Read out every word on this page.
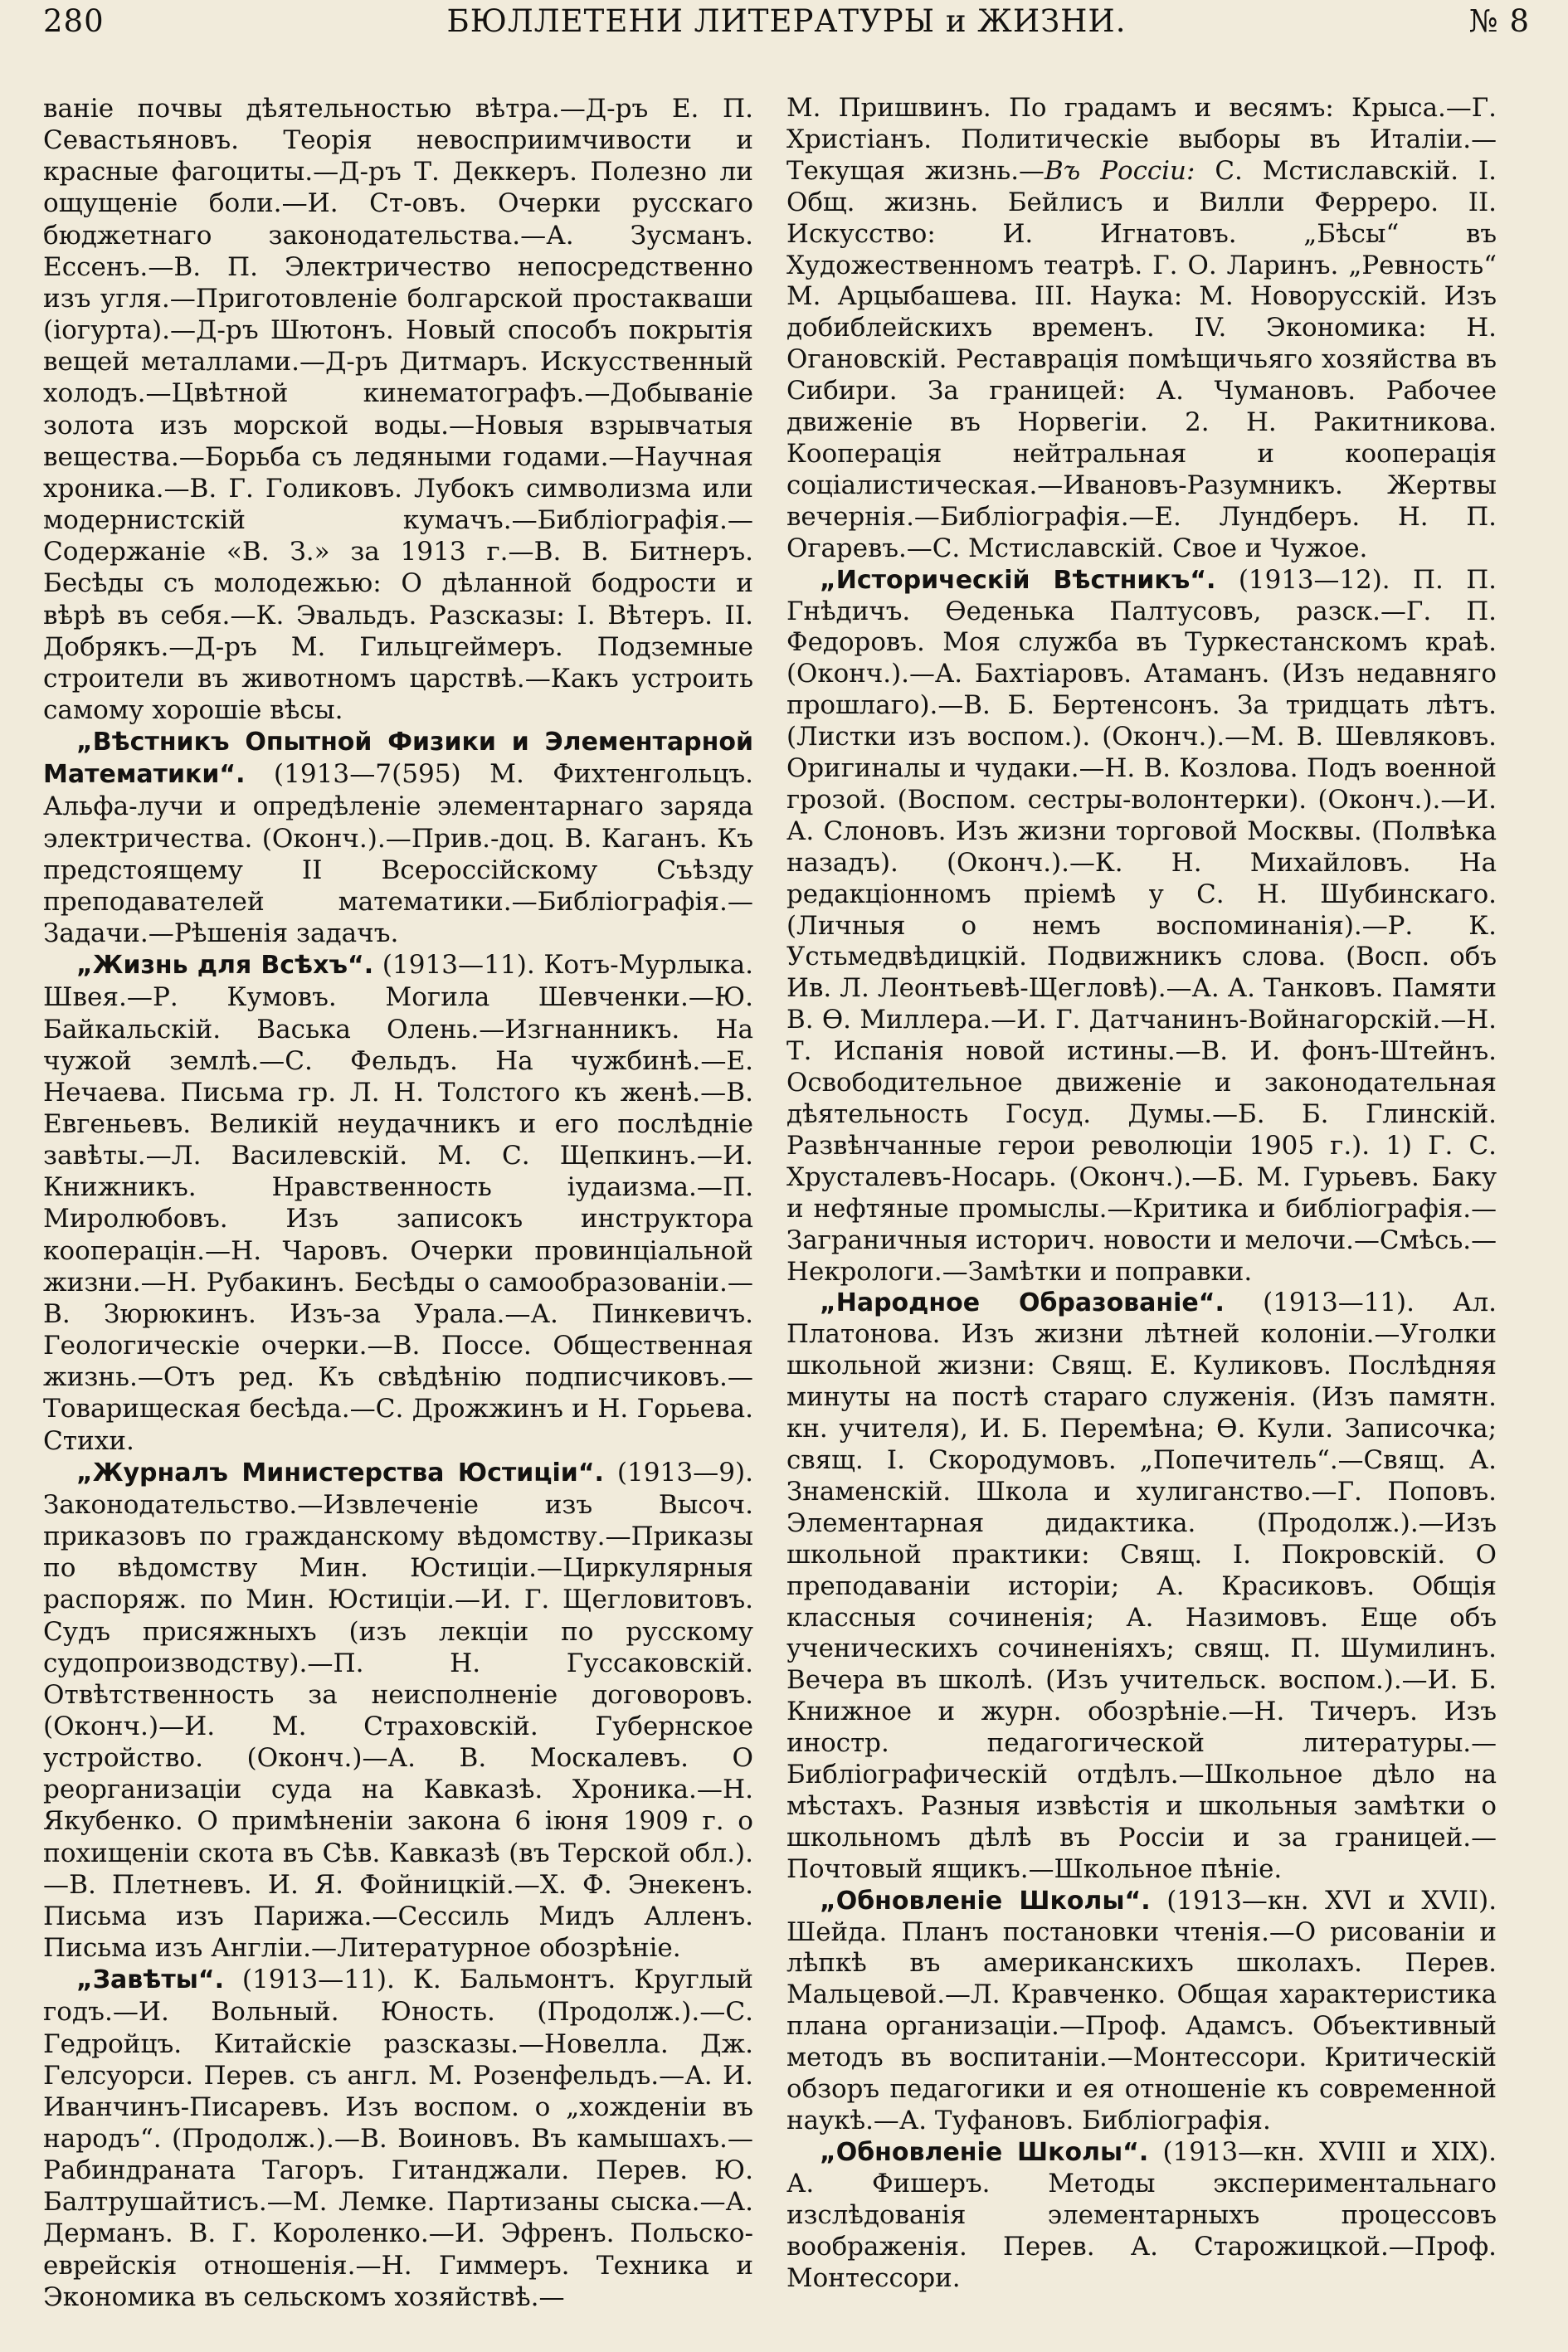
280	БЮЛЛЕТЕНИ ЛИТЕРАТУРЫ и ЖИЗНИ.	№ 8

ваніе почвы дѣятельностью вѣтра.—Д-ръ Е. П. Севастьяновъ. Теорія невосприимчивости и красные фагоциты.—Д-ръ Т. Деккеръ. Полезно ли ощущеніе боли.—И. Ст-овъ. Очерки русскаго бюджетнаго законодательства.—А. Зусманъ. Ессенъ.—В. П. Электричество непосредственно изъ угля.—Приготовленіе болгарской простакваши (іогурта).—Д-ръ Шютонъ. Новый способъ покрытія вещей металлами.—Д-ръ Дитмаръ. Искусственный холодъ.—Цвѣтной кинематографъ.—Добываніе золота изъ морской воды.—Новыя взрывчатыя вещества.—Борьба съ ледяными годами.—Научная хроника.—В. Г. Голиковъ. Лубокъ символизма или модернистскій кумачъ.—Библіографія.—Содержаніе «В. З.» за 1913 г.—В. В. Битнеръ. Бесѣды съ молодежью: О дѣланной бодрости и вѣрѣ въ себя.—К. Эвальдъ. Разсказы: I. Вѣтеръ. II. Добрякъ.—Д-ръ М. Гильцгеймеръ. Подземные строители въ животномъ царствѣ.—Какъ устроить самому хорошіе вѣсы.

„Вѣстникъ Опытной Физики и Элементарной Математики“. (1913—7(595) М. Фихтенгольцъ. Альфа-лучи и опредѣленіе элементарнаго заряда электричества. (Оконч.).—Прив.-доц. В. Каганъ. Къ предстоящему II Всероссійскому Съѣзду преподавателей математики.—Библіографія.—Задачи.—Рѣшенія задачъ.

„Жизнь для Всѣхъ“. (1913—11). Котъ-Мурлыка. Швея.—Р. Кумовъ. Могила Шевченки.—Ю. Байкальскій. Васька Олень.—Изгнанникъ. На чужой землѣ.—С. Фельдъ. На чужбинѣ.—Е. Нечаева. Письма гр. Л. Н. Толстого къ женѣ.—В. Евгеньевъ. Великій неудачникъ и его послѣдніе завѣты.—Л. Василевскій. М. С. Щепкинъ.—И. Книжникъ. Нравственность іудаизма.—П. Миролюбовъ. Изъ записокъ инструктора кооперацін.—Н. Чаровъ. Очерки провинціальной жизни.—Н. Рубакинъ. Бесѣды о самообразованіи.—В. Зюрюкинъ. Изъ-за Урала.—А. Пинкевичъ. Геологическіе очерки.—В. Поссе. Общественная жизнь.—Отъ ред. Къ свѣдѣнію подписчиковъ.—Товарищеская бесѣда.—С. Дрожжинъ и Н. Горьева. Стихи.

„Журналъ Министерства Юстиціи“. (1913—9). Законодательство.—Извлеченіе изъ Высоч. приказовъ по гражданскому вѣдомству.—Приказы по вѣдомству Мин. Юстиціи.—Циркулярныя распоряж. по Мин. Юстиціи.—И. Г. Щегловитовъ. Судъ присяжныхъ (изъ лекціи по русскому судопроизводству).—П. Н. Гуссаковскій. Отвѣтственность за неисполненіе договоровъ.(Оконч.)—И. М. Страховскій. Губернское устройство. (Оконч.)—А. В. Москалевъ. О реорганизаціи суда на Кавказѣ. Хроника.—Н. Якубенко. О примѣненіи закона 6 іюня 1909 г. о похищеніи скота въ Сѣв. Кавказѣ (въ Терской обл.).—В. Плетневъ. И. Я. Фойницкій.—Х. Ф. Энекенъ. Письма изъ Парижа.—Сессиль Мидъ Алленъ. Письма изъ Англіи.—Литературное обозрѣніе.

„Завѣты“. (1913—11). К. Бальмонтъ. Круглый годъ.—И. Вольный. Юность. (Продолж.).—С. Гедройцъ. Китайскіе разсказы.—Новелла. Дж. Гелсуорси. Перев. съ англ. М. Розенфельдъ.—А. И. Иванчинъ-Писаревъ. Изъ воспом. о „хожденіи въ народъ“. (Продолж.).—В. Воиновъ. Въ камышахъ.—Рабиндраната Тагоръ. Гитанджали. Перев. Ю. Балтрушайтисъ.—М. Лемке. Партизаны сыска.—А. Дерманъ. В. Г. Короленко.—И. Эфренъ. Польско-еврейскія отношенія.—Н. Гиммеръ. Техника и Экономика въ сельскомъ хозяйствѣ.—

М. Пришвинъ. По градамъ и весямъ: Крыса.—Г. Христіанъ. Политическіе выборы въ Италіи.—Текущая жизнь.—Въ Россіи: С. Мстиславскій. I. Общ. жизнь. Бейлисъ и Вилли Ферреро. II. Искусство: И. Игнатовъ. „Бѣсы“ въ Художественномъ театрѣ. Г. О. Ларинъ. „Ревность“ М. Арцыбашева. III. Наука: М. Новорусскій. Изъ добиблейскихъ временъ. IV. Экономика: Н. Огановскій. Реставрація помѣщичьяго хозяйства въ Сибири. За границей: А. Чумановъ. Рабочее движеніе въ Норвегіи. 2. Н. Ракитникова. Кооперація нейтральная и кооперація соціалистическая.—Ивановъ-Разумникъ. Жертвы вечернія.—Библіографія.—Е. Лундберъ. Н. П. Огаревъ.—С. Мстиславскій. Свое и Чужое.

„Историческій Вѣстникъ“. (1913—12). П. П. Гнѣдичъ. Ѳеденька Палтусовъ, разск.—Г. П. Федоровъ. Моя служба въ Туркестанскомъ краѣ. (Оконч.).—А. Бахтіаровъ. Атаманъ. (Изъ недавняго прошлаго).—В. Б. Бертенсонъ. За тридцать лѣтъ. (Листки изъ воспом.). (Оконч.).—М. В. Шевляковъ. Оригиналы и чудаки.—Н. В. Козлова. Подъ военной грозой. (Воспом. сестры-волонтерки). (Оконч.).—И. А. Слоновъ. Изъ жизни торговой Москвы. (Полвѣка назадъ). (Оконч.).—К. Н. Михайловъ. На редакціонномъ пріемѣ у С. Н. Шубинскаго. (Личныя о немъ воспоминанія).—Р. К. Устьмедвѣдицкій. Подвижникъ слова. (Восп. объ Ив. Л. Леонтьевѣ-Щегловѣ).—А. А. Танковъ. Памяти В. Ѳ. Миллера.—И. Г. Датчанинъ-Войнагорскій.—Н. Т. Испанія новой истины.—В. И. фонъ-Штейнъ. Освободительное движеніе и законодательная дѣятельность Госуд. Думы.—Б. Б. Глинскій. Развѣнчанные герои революціи 1905 г.). 1) Г. С. Хрусталевъ-Носарь. (Оконч.).—Б. М. Гурьевъ. Баку и нефтяные промыслы.—Критика и библіографія.—Заграничныя историч. новости и мелочи.—Смѣсь.—Некрологи.—Замѣтки и поправки.

„Народное Образованіе“. (1913—11). Ал. Платонова. Изъ жизни лѣтней колоніи.—Уголки школьной жизни: Свящ. Е. Куликовъ. Послѣдняя минуты на постѣ стараго служенія. (Изъ памятн. кн. учителя), И. Б. Перемѣна; Ѳ. Кули. Записочка; свящ. I. Скородумовъ. „Попечитель“.—Свящ. А. Знаменскій. Школа и хулиганство.—Г. Поповъ. Элементарная дидактика. (Продолж.).—Изъ школьной практики: Свящ. I. Покровскій. О преподаваніи исторіи; А. Красиковъ. Общія классныя сочиненія; А. Назимовъ. Еще объ ученическихъ сочиненіяхъ; свящ. П. Шумилинъ. Вечера въ школѣ. (Изъ учительск. воспом.).—И. Б. Книжное и журн. обозрѣніе.—Н. Тичеръ. Изъ иностр. педагогической литературы.—Библіографическій отдѣлъ.—Школьное дѣло на мѣстахъ. Разныя извѣстія и школьныя замѣтки о школьномъ дѣлѣ въ Россіи и за границей.—Почтовый ящикъ.—Школьное пѣніе.

„Обновленіе Школы“. (1913—кн. XVI и XVII). Шейда. Планъ постановки чтенія.—О рисованіи и лѣпкѣ въ американскихъ школахъ. Перев. Мальцевой.—Л. Кравченко. Общая характеристика плана организаціи.—Проф. Адамсъ. Объективный методъ въ воспитаніи.—Монтессори. Критическій обзоръ педагогики и ея отношеніе къ современной наукѣ.—А. Туфановъ. Библіографія.

„Обновленіе Школы“. (1913—кн. XVIII и XIX). А. Фишеръ. Методы экспериментальнаго изслѣдованія элементарныхъ процессовъ воображенія. Перев. А. Старожицкой.—Проф. Монтессори.
